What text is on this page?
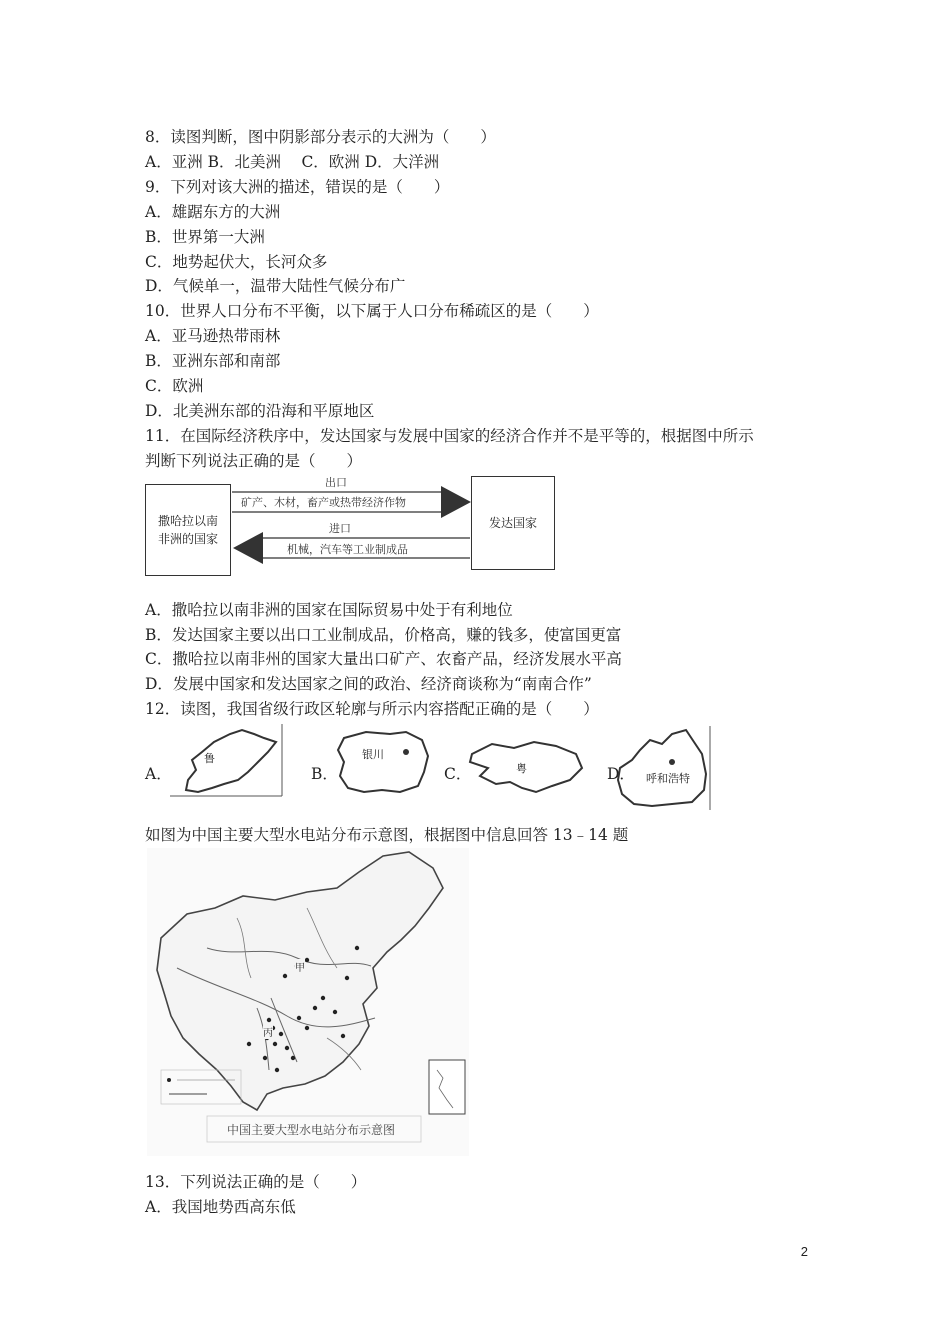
8．读图判断，图中阴影部分表示的大洲为（　　）
A．亚洲 B．北美洲　 C．欧洲 D．大洋洲
9．下列对该大洲的描述，错误的是（　　）
A．雄踞东方的大洲
B．世界第一大洲
C．地势起伏大，长河众多
D．气候单一，温带大陆性气候分布广
10．世界人口分布不平衡，以下属于人口分布稀疏区的是（　　）
A．亚马逊热带雨林
B．亚洲东部和南部
C．欧洲
D．北美洲东部的沿海和平原地区
11．在国际经济秩序中，发达国家与发展中国家的经济合作并不是平等的，根据图中所示
判断下列说法正确的是（　　）
撒哈拉以南
非洲的国家
发达国家
出口
矿产、木材，畜产或热带经济作物
进口
机械，汽车等工业制成品
A．撒哈拉以南非洲的国家在国际贸易中处于有利地位
B．发达国家主要以出口工业制成品，价格高，赚的钱多，使富国更富
C．撒哈拉以南非州的国家大量出口矿产、农畜产品，经济发展水平高
D．发展中国家和发达国家之间的政治、经济商谈称为“南南合作”
12．读图，我国省级行政区轮廓与所示内容搭配正确的是（　　）
A．
鲁
B．
银川
C．	粤	D． 呼和浩特
如图为中国主要大型水电站分布示意图，根据图中信息回答 13﹣14 题
甲
丙
中国主要大型水电站分布示意图
13．下列说法正确的是（　　）
A．我国地势西高东低
2
